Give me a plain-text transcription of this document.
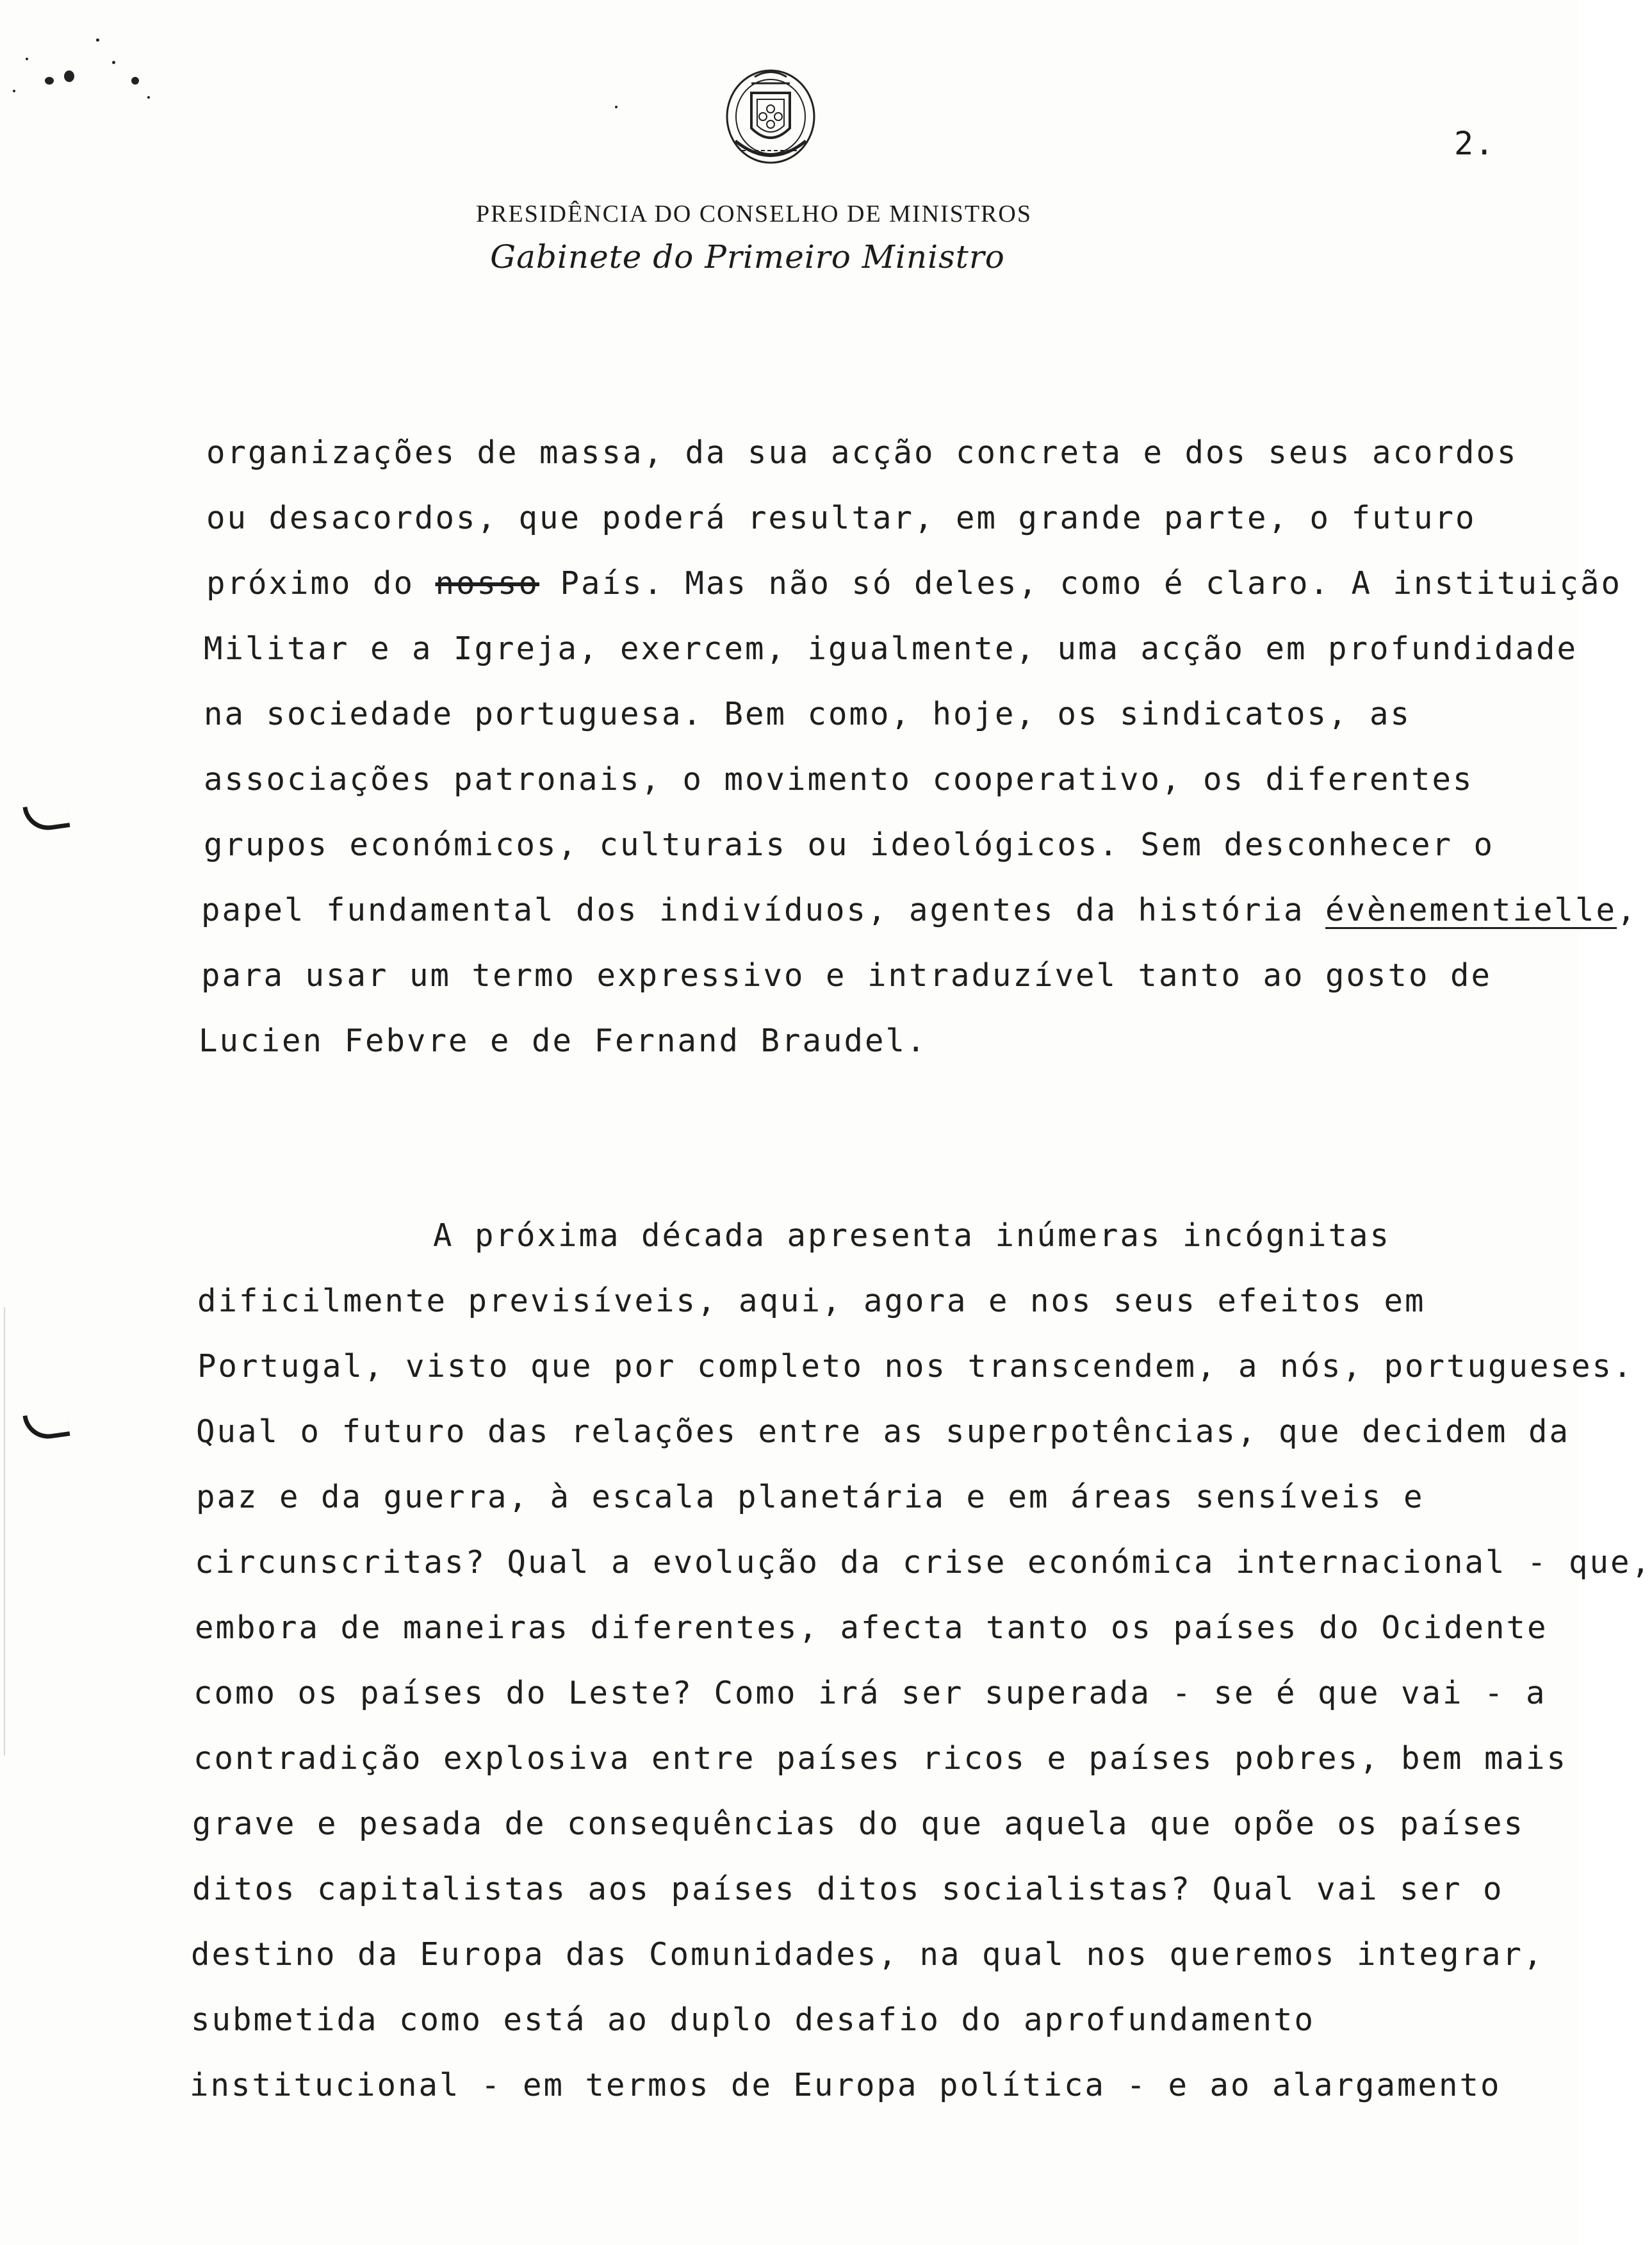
2.
PRESIDÊNCIA DO CONSELHO DE MINISTROS
Gabinete do Primeiro Ministro
organizações de massa, da sua acção concreta e dos seus acordos
ou desacordos, que poderá resultar, em grande parte, o futuro
próximo do nosso País. Mas não só deles, como é claro. A instituição
Militar e a Igreja, exercem, igualmente, uma acção em profundidade
na sociedade portuguesa. Bem como, hoje, os sindicatos, as
associações patronais, o movimento cooperativo, os diferentes
grupos económicos, culturais ou ideológicos. Sem desconhecer o
papel fundamental dos indivíduos, agentes da história évènementielle,
para usar um termo expressivo e intraduzível tanto ao gosto de
Lucien Febvre e de Fernand Braudel.
A próxima década apresenta inúmeras incógnitas
dificilmente previsíveis, aqui, agora e nos seus efeitos em
Portugal, visto que por completo nos transcendem, a nós, portugueses.
Qual o futuro das relações entre as superpotências, que decidem da
paz e da guerra, à escala planetária e em áreas sensíveis e
circunscritas? Qual a evolução da crise económica internacional - que,
embora de maneiras diferentes, afecta tanto os países do Ocidente
como os países do Leste? Como irá ser superada - se é que vai - a
contradição explosiva entre países ricos e países pobres, bem mais
grave e pesada de consequências do que aquela que opõe os países
ditos capitalistas aos países ditos socialistas? Qual vai ser o
destino da Europa das Comunidades, na qual nos queremos integrar,
submetida como está ao duplo desafio do aprofundamento
institucional - em termos de Europa política - e ao alargamento
